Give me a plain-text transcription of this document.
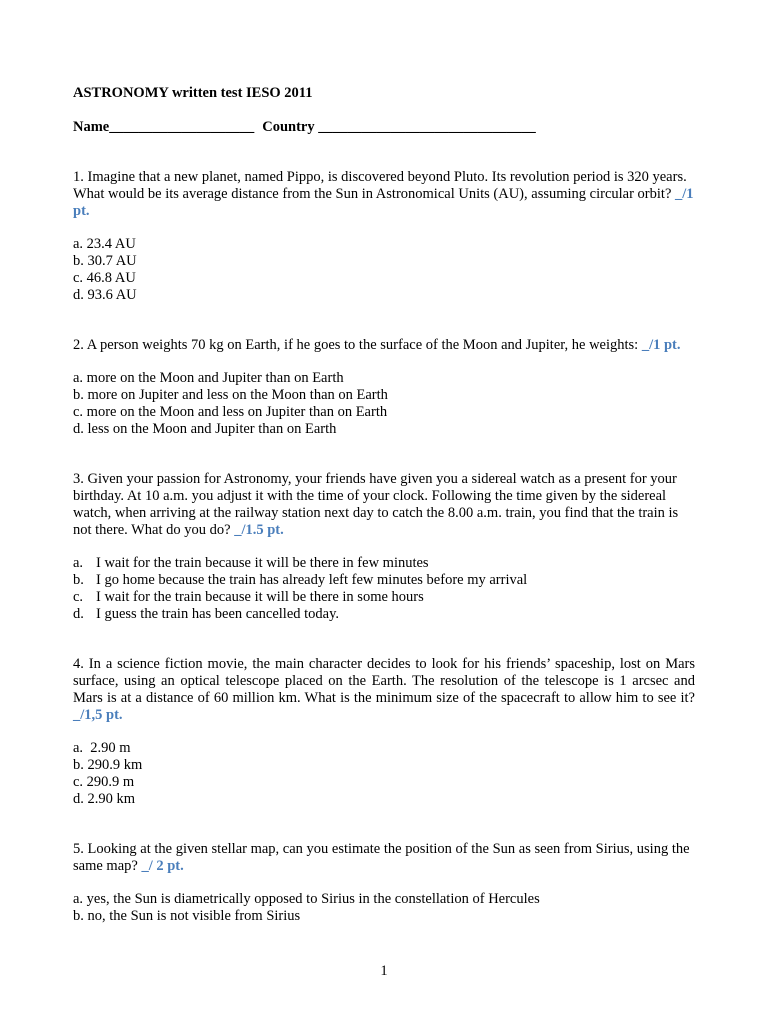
ASTRONOMY written test IESO 2011

Name____________________ Country ______________________________

1. Imagine that a new planet, named Pippo, is discovered beyond Pluto. Its revolution period is 320 years. What would be its average distance from the Sun in Astronomical Units (AU), assuming circular orbit? _/1 pt.

a. 23.4 AU
b. 30.7 AU
c. 46.8 AU
d. 93.6 AU

2. A person weights 70 kg on Earth, if he goes to the surface of the Moon and Jupiter, he weights: _/1 pt.

a. more on the Moon and Jupiter than on Earth
b. more on Jupiter and less on the Moon than on Earth
c. more on the Moon and less on Jupiter than on Earth
d. less on the Moon and Jupiter than on Earth

3. Given your passion for Astronomy, your friends have given you a sidereal watch as a present for your birthday. At 10 a.m. you adjust it with the time of your clock. Following the time given by the sidereal watch, when arriving at the railway station next day to catch the 8.00 a.m. train, you find that the train is not there. What do you do? _/1.5 pt.

a. I wait for the train because it will be there in few minutes
b. I go home because the train has already left few minutes before my arrival
c. I wait for the train because it will be there in some hours
d. I guess the train has been cancelled today.

4. In a science fiction movie, the main character decides to look for his friends’ spaceship, lost on Mars surface, using an optical telescope placed on the Earth. The resolution of the telescope is 1 arcsec and Mars is at a distance of 60 million km. What is the minimum size of the spacecraft to allow him to see it? _/1,5 pt.

a.  2.90 m
b. 290.9 km
c. 290.9 m
d. 2.90 km

5. Looking at the given stellar map, can you estimate the position of the Sun as seen from Sirius, using the same map? _/ 2 pt.

a. yes, the Sun is diametrically opposed to Sirius in the constellation of Hercules
b. no, the Sun is not visible from Sirius
1
